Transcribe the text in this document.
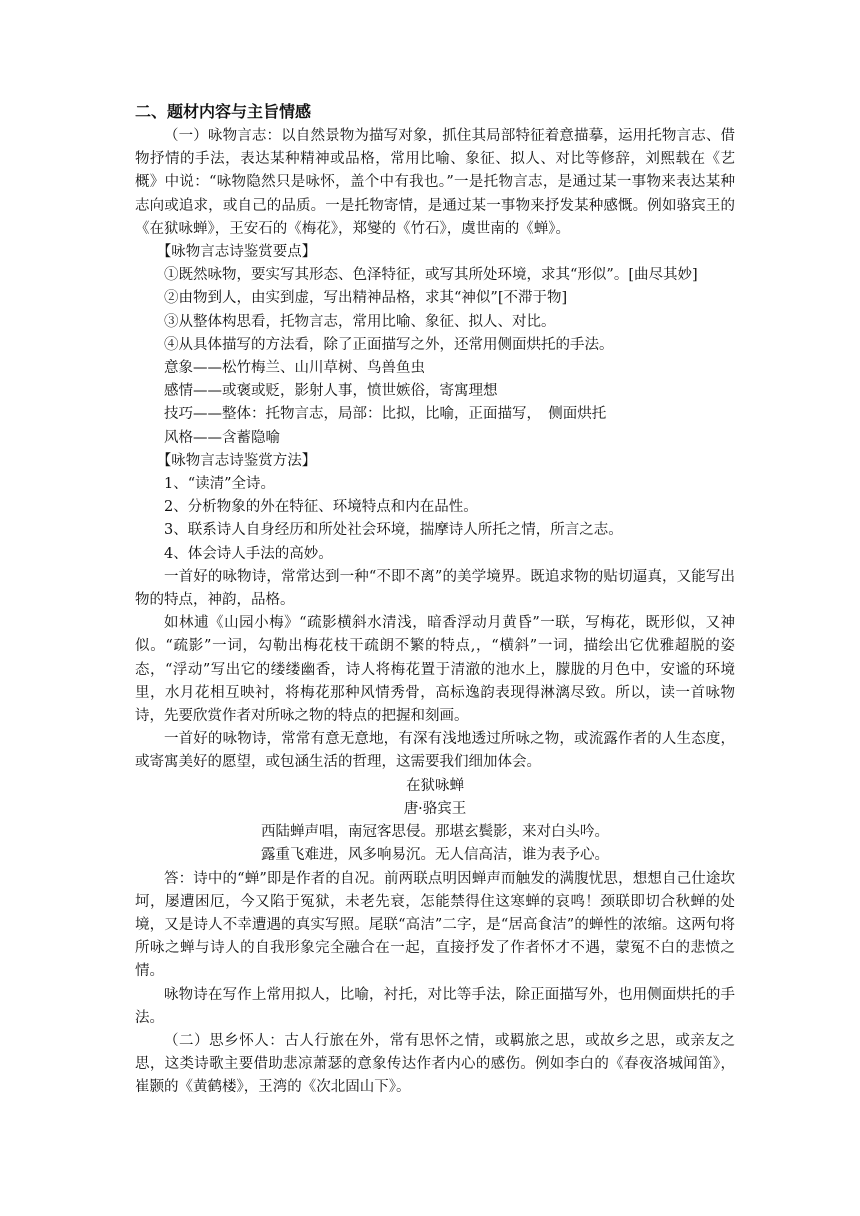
二、题材内容与主旨情感

（一）咏物言志：以自然景物为描写对象，抓住其局部特征着意描摹，运用托物言志、借物抒情的手法，表达某种精神或品格，常用比喻、象征、拟人、对比等修辞，刘熙载在《艺概》中说：“咏物隐然只是咏怀，盖个中有我也。”一是托物言志，是通过某一事物来表达某种志向或追求，或自己的品质。一是托物寄情，是通过某一事物来抒发某种感慨。例如骆宾王的《在狱咏蝉》，王安石的《梅花》，郑燮的《竹石》，虞世南的《蝉》。

【咏物言志诗鉴赏要点】

①既然咏物，要实写其形态、色泽特征，或写其所处环境，求其“形似”。[曲尽其妙]
②由物到人，由实到虚，写出精神品格，求其“神似”[不滞于物]
③从整体构思看，托物言志，常用比喻、象征、拟人、对比。
④从具体描写的方法看，除了正面描写之外，还常用侧面烘托的手法。
意象——松竹梅兰、山川草树、鸟兽鱼虫
感情——或褒或贬，影射人事，愤世嫉俗，寄寓理想
技巧——整体：托物言志，局部：比拟，比喻，正面描写，　侧面烘托
风格——含蓄隐喻

【咏物言志诗鉴赏方法】

1、“读清”全诗。
2、分析物象的外在特征、环境特点和内在品性。
3、联系诗人自身经历和所处社会环境，揣摩诗人所托之情，所言之志。
4、体会诗人手法的高妙。

一首好的咏物诗，常常达到一种“不即不离”的美学境界。既追求物的贴切逼真，又能写出物的特点，神韵，品格。

如林逋《山园小梅》“疏影横斜水清浅，暗香浮动月黄昏”一联，写梅花，既形似，又神似。“疏影”一词，勾勒出梅花枝干疏朗不繁的特点,，“横斜”一词，描绘出它优雅超脱的姿态，“浮动”写出它的缕缕幽香，诗人将梅花置于清澈的池水上，朦胧的月色中，安谧的环境里，水月花相互映衬，将梅花那种风情秀骨，高标逸韵表现得淋漓尽致。所以，读一首咏物诗，先要欣赏作者对所咏之物的特点的把握和刻画。

一首好的咏物诗，常常有意无意地，有深有浅地透过所咏之物，或流露作者的人生态度，或寄寓美好的愿望，或包涵生活的哲理，这需要我们细加体会。

在狱咏蝉
唐·骆宾王
西陆蝉声唱，南冠客思侵。那堪玄鬓影，来对白头吟。
露重飞难进，风多响易沉。无人信高洁，谁为表予心。

答：诗中的“蝉”即是作者的自况。前两联点明因蝉声而触发的满腹忧思，想想自己仕途坎坷，屡遭困厄，今又陷于冤狱，未老先衰，怎能禁得住这寒蝉的哀鸣！颈联即切合秋蝉的处境，又是诗人不幸遭遇的真实写照。尾联“高洁”二字，是“居高食洁”的蝉性的浓缩。这两句将所咏之蝉与诗人的自我形象完全融合在一起，直接抒发了作者怀才不遇，蒙冤不白的悲愤之情。

咏物诗在写作上常用拟人，比喻，衬托，对比等手法，除正面描写外，也用侧面烘托的手法。

（二）思乡怀人：古人行旅在外，常有思怀之情，或羁旅之思，或故乡之思，或亲友之思，这类诗歌主要借助悲凉萧瑟的意象传达作者内心的感伤。例如李白的《春夜洛城闻笛》，崔颢的《黄鹤楼》，王湾的《次北固山下》。
